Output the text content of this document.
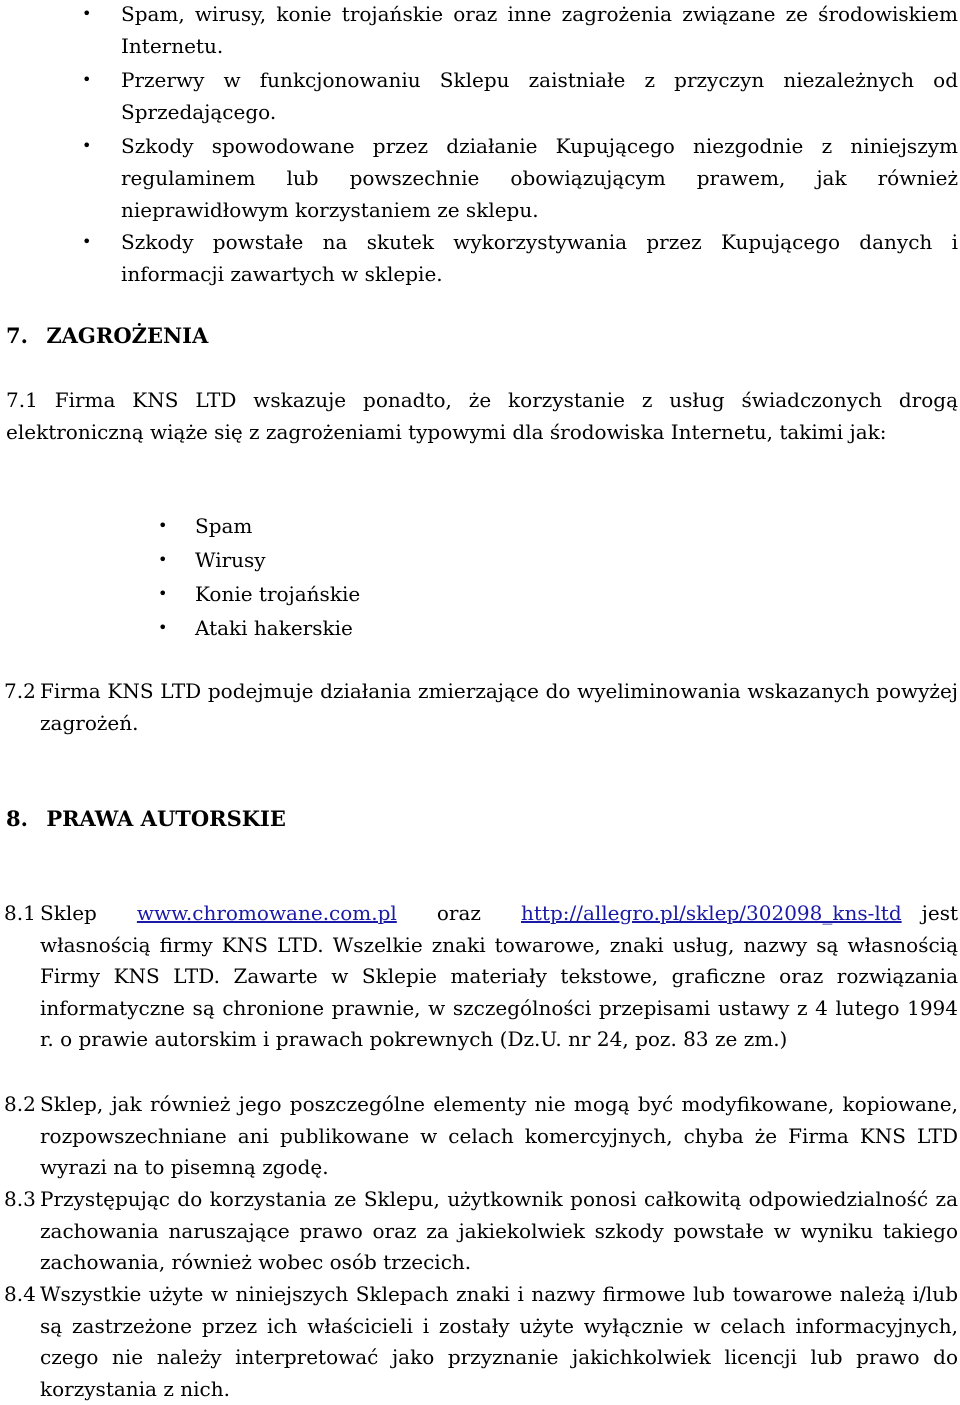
• Spam, wirusy, konie trojańskie oraz inne zagrożenia związane ze środowiskiem Internetu.
• Przerwy w funkcjonowaniu Sklepu zaistniałe z przyczyn niezależnych od Sprzedającego.
• Szkody spowodowane przez działanie Kupującego niezgodnie z niniejszym regulaminem lub powszechnie obowiązującym prawem, jak również nieprawidłowym korzystaniem ze sklepu.
• Szkody powstałe na skutek wykorzystywania przez Kupującego danych i informacji zawartych w sklepie.
7. ZAGROŻENIA
7.1 Firma KNS LTD wskazuje ponadto, że korzystanie z usług świadczonych drogą elektroniczną wiąże się z zagrożeniami typowymi dla środowiska Internetu, takimi jak:
• Spam
• Wirusy
• Konie trojańskie
• Ataki hakerskie
7.2 Firma KNS LTD podejmuje działania zmierzające do wyeliminowania wskazanych powyżej zagrożeń.
8. PRAWA AUTORSKIE
8.1 Sklep www.chromowane.com.pl oraz http://allegro.pl/sklep/302098_kns-ltd jest własnością firmy KNS LTD. Wszelkie znaki towarowe, znaki usług, nazwy są własnością Firmy KNS LTD. Zawarte w Sklepie materiały tekstowe, graficzne oraz rozwiązania informatyczne są chronione prawnie, w szczególności przepisami ustawy z 4 lutego 1994 r. o prawie autorskim i prawach pokrewnych (Dz.U. nr 24, poz. 83 ze zm.)
8.2 Sklep, jak również jego poszczególne elementy nie mogą być modyfikowane, kopiowane, rozpowszechniane ani publikowane w celach komercyjnych, chyba że Firma KNS LTD wyrazi na to pisemną zgodę.
8.3 Przystępując do korzystania ze Sklepu, użytkownik ponosi całkowitą odpowiedzialność za zachowania naruszające prawo oraz za jakiekolwiek szkody powstałe w wyniku takiego zachowania, również wobec osób trzecich.
8.4 Wszystkie użyte w niniejszych Sklepach znaki i nazwy firmowe lub towarowe należą i/lub są zastrzeżone przez ich właścicieli i zostały użyte wyłącznie w celach informacyjnych, czego nie należy interpretować jako przyznanie jakichkolwiek licencji lub prawo do korzystania z nich.
